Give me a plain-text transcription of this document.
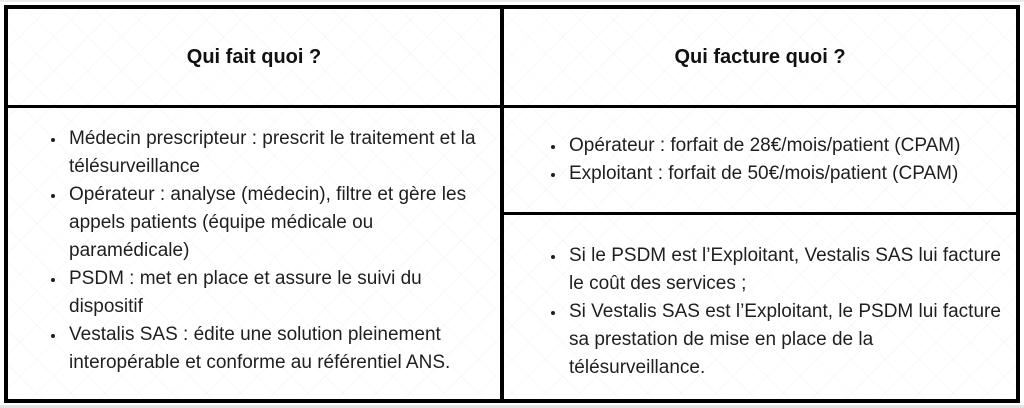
Qui fait quoi ?	Qui facture quoi ?
• Médecin prescripteur : prescrit le traitement et la télésurveillance
• Opérateur : analyse (médecin), filtre et gère les appels patients (équipe médicale ou paramédicale)
• PSDM : met en place et assure le suivi du dispositif
• Vestalis SAS : édite une solution pleinement interopérable et conforme au référentiel ANS.
• Opérateur : forfait de 28€/mois/patient (CPAM)
• Exploitant : forfait de 50€/mois/patient (CPAM)
• Si le PSDM est l’Exploitant, Vestalis SAS lui facture le coût des services ;
• Si Vestalis SAS est l’Exploitant, le PSDM lui facture sa prestation de mise en place de la télésurveillance.
